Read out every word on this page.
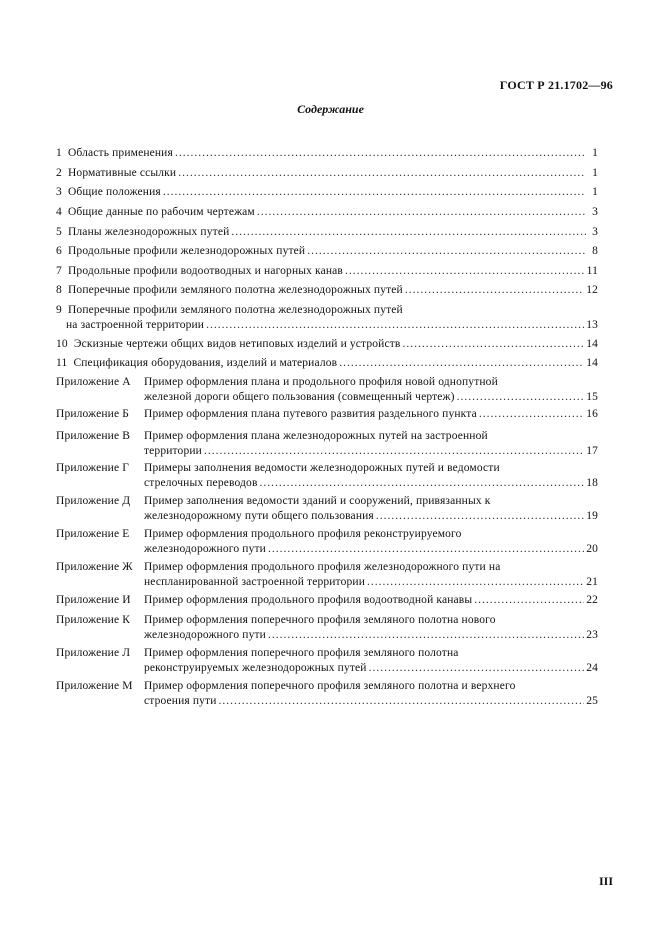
ГОСТ Р 21.1702—96
Содержание
1 Область применения .....	1
2 Нормативные ссылки .....	1
3 Общие положения .....	1
4 Общие данные по рабочим чертежам .....	3
5 Планы железнодорожных путей .....	3
6 Продольные профили железнодорожных путей .....	8
7 Продольные профили водоотводных и нагорных канав .....	11
8 Поперечные профили земляного полотна железнодорожных путей .....	12
9 Поперечные профили земляного полотна железнодорожных путей
на застроенной территории .....	13
10 Эскизные чертежи общих видов нетиповых изделий и устройств .....	14
11 Спецификация оборудования, изделий и материалов .....	14
Приложение А	Пример оформления плана и продольного профиля новой однопутной
железной дороги общего пользования (совмещенный чертеж) .....	15
Приложение Б	Пример оформления плана путевого развития раздельного пункта .....	16
Приложение В	Пример оформления плана железнодорожных путей на застроенной
территории .....	17
Приложение Г	Примеры заполнения ведомости железнодорожных путей и ведомости
стрелочных переводов .....	18
Приложение Д	Пример заполнения ведомости зданий и сооружений, привязанных к
железнодорожному пути общего пользования .....	19
Приложение Е	Пример оформления продольного профиля реконструируемого
железнодорожного пути .....	20
Приложение Ж Пример оформления продольного профиля железнодорожного пути на
неспланированной застроенной территории .....	21
Приложение И	Пример оформления продольного профиля водоотводной канавы .....	22
Приложение К	Пример оформления поперечного профиля земляного полотна нового
железнодорожного пути .....	23
Приложение Л	Пример оформления поперечного профиля земляного полотна
реконструируемых железнодорожных путей .....	24
Приложение М Пример оформления поперечного профиля земляного полотна и верхнего
строения пути .....	25
III
